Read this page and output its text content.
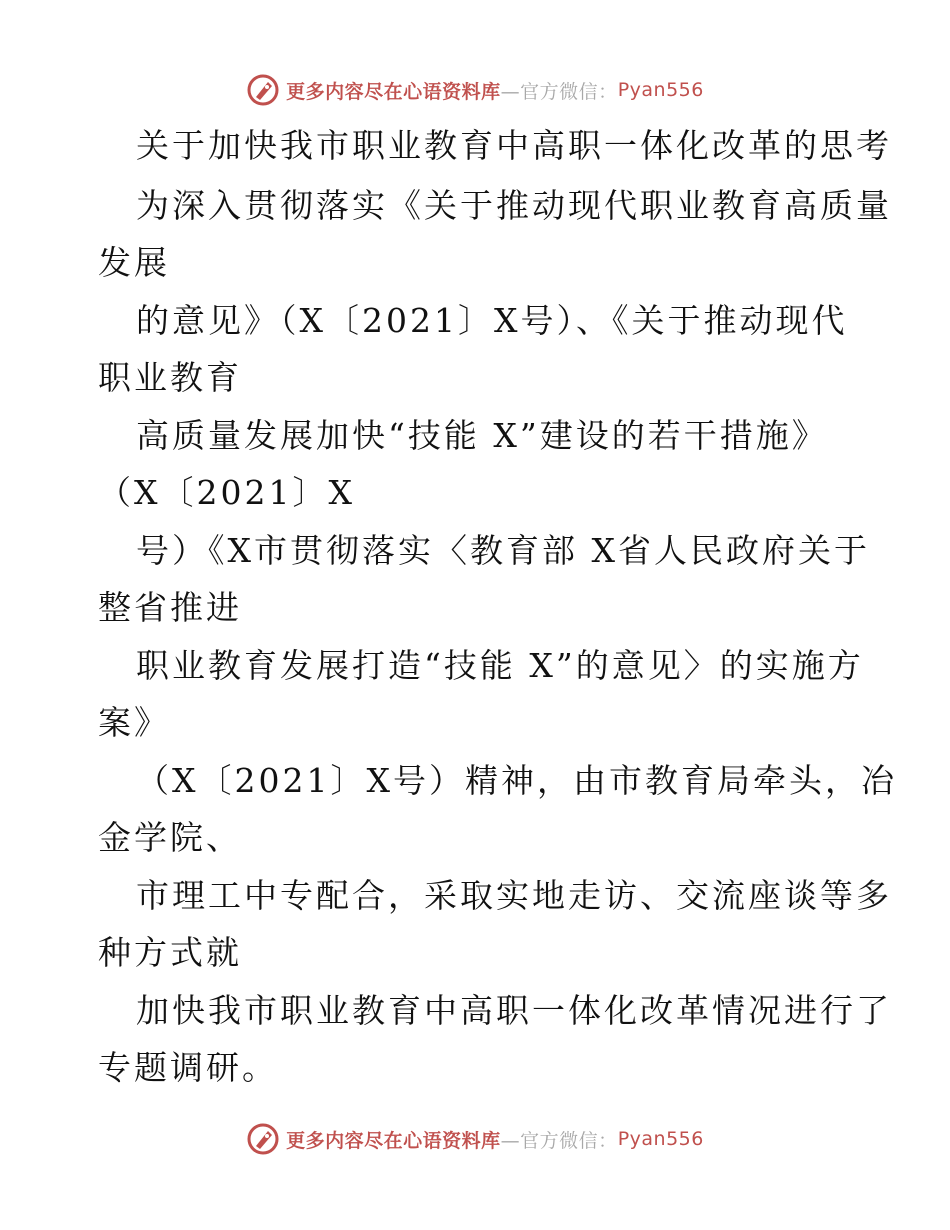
更多内容尽在心语资料库 —官方微信： Pyan556
关于加快我市职业教育中高职一体化改革的思考
为深入贯彻落实《关于推动现代职业教育高质量
发展
的意见》（X〔2021〕X号）、《关于推动现代
职业教育
高质量发展加快“技能 X”建设的若干措施》
（X〔2021〕X
号）《X市贯彻落实〈教育部 X省人民政府关于
整省推进
职业教育发展打造“技能 X”的意见〉的实施方
案》
（X〔2021〕X号）精神，由市教育局牵头，冶
金学院、
市理工中专配合，采取实地走访、交流座谈等多
种方式就
加快我市职业教育中高职一体化改革情况进行了
专题调研。
更多内容尽在心语资料库 —官方微信： Pyan556
